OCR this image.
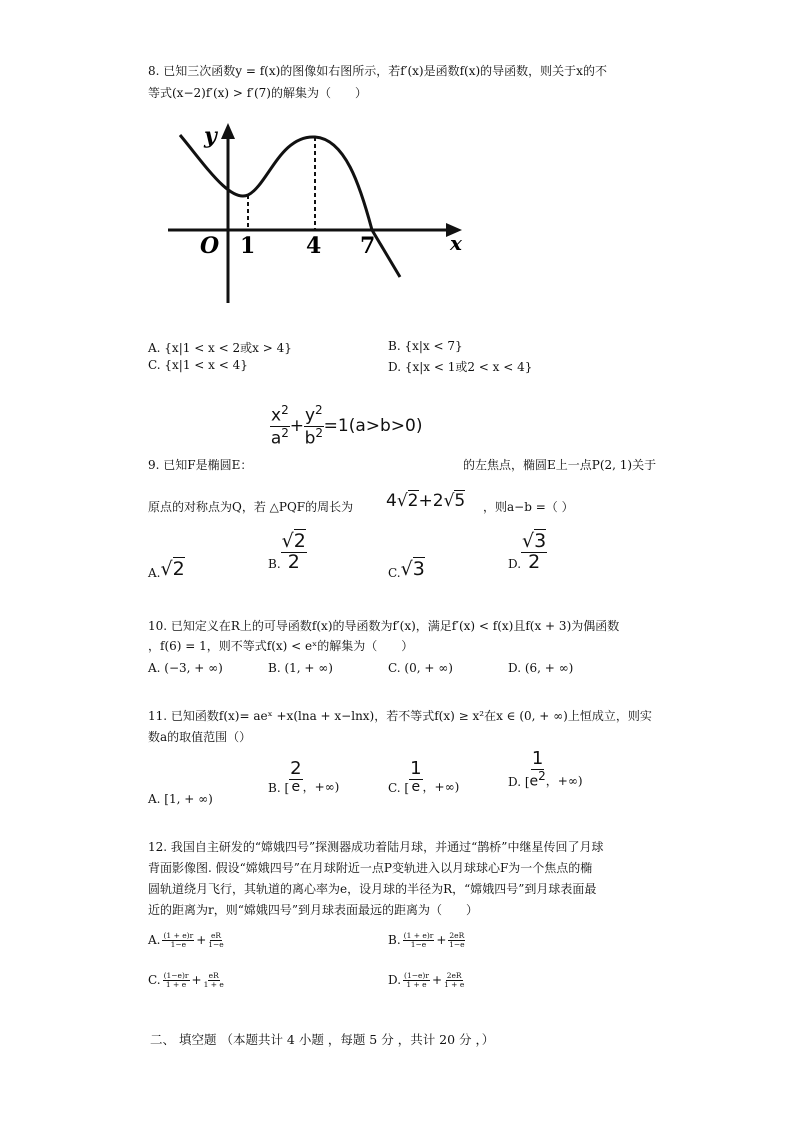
8. 已知三次函数y = f(x)的图像如右图所示，若f′(x)是函数f(x)的导函数，则关于x的不
等式(x−2)f′(x) > f′(7)的解集为（　　）
y
x
O 1 4 7
A. {x|1 < x < 2或x > 4}	B. {x|x < 7}
C. {x|1 < x < 4}	D. {x|x < 1或2 < x < 4}
$\frac{x^2}{a^2} + \frac{y^2}{b^2} =1(a>b>0)$
9. 已知F是椭圆E：	的左焦点，椭圆E上一点P(2, 1)关于
原点的对称点为Q，若 △PQF的周长为 4 √ 2 +2 √ 5 ，则a−b =（ ）
A. √2	B. $\frac{√2}{2}$
C. √3	D. $\frac{√3}{2}$
10. 已知定义在R上的可导函数f(x)的导函数为f′(x)，满足f′(x) < f(x)且f(x + 3)为偶函数
，f(6) = 1，则不等式f(x) < eˣ的解集为（　　）
A. (−3, + ∞)	B. (1, + ∞)	C. (0, + ∞)	D. (6, + ∞)
11. 已知函数f(x)= aeˣ +x(lna + x−lnx)，若不等式f(x) ≥ x²在x ∈ (0, + ∞)上恒成立，则实
数a的取值范围（）
A. [1, + ∞)
B. [ $\frac{2}{e}$ ，+∞)	C. [ $\frac{1}{e}$ ，+∞)	D. [ $\frac{1}{e^2}$ ，+∞)
12. 我国自主研发的“嫦娥四号”探测器成功着陆月球，并通过“鹊桥”中继星传回了月球
背面影像图. 假设“嫦娥四号”在月球附近一点P变轨进入以月球球心F为一个焦点的椭
圆轨道绕月飞行，其轨道的离心率为e，设月球的半径为R，“嫦娥四号”到月球表面最
近的距离为r，则“嫦娥四号”到月球表面最远的距离为（　　）
A. $\frac{(1 + e)r}{1-e} + \frac{eR}{1-e}$	B. $\frac{(1 + e)r}{1-e} + \frac{2eR}{1-e}$
C. $\frac{(1-e)r}{1 + e} + \frac{eR}{1 + e}$	D. $\frac{(1-e)r}{1 + e} + \frac{2eR}{1 + e}$
二、 填空题 （本题共计 4 小题 ，每题 5 分 ，共计 20 分 ，）
